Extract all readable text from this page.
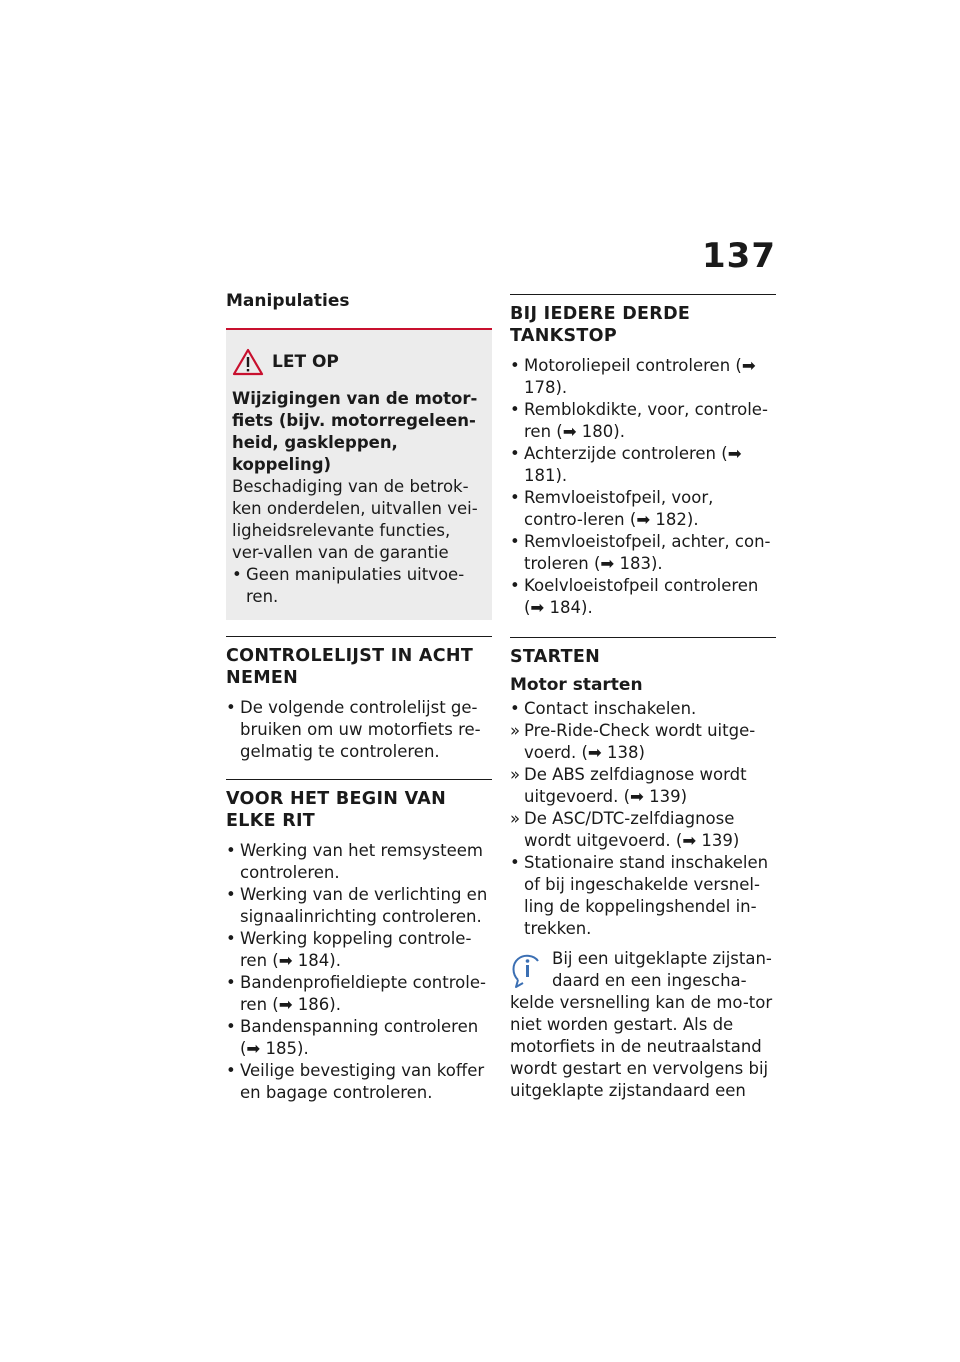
137
Manipulaties
LET OP
Wijzigingen van de motor-fiets (bijv. motorregeleen-heid, gaskleppen, koppeling)
Beschadiging van de betrok-ken onderdelen, uitvallen vei-ligheidsrelevante functies, ver-vallen van de garantie
• Geen manipulaties uitvoe-ren.
CONTROLELIJST IN ACHT NEMEN
• De volgende controlelijst ge-bruiken om uw motorfiets re-gelmatig te controleren.
VOOR HET BEGIN VAN ELKE RIT
• Werking van het remsysteem controleren.
• Werking van de verlichting en signaalinrichting controleren.
• Werking koppeling controle-ren (➡ 184).
• Bandenprofieldiepte controle-ren (➡ 186).
• Bandenspanning controleren (➡ 185).
• Veilige bevestiging van koffer en bagage controleren.
BIJ IEDERE DERDE TANKSTOP
• Motoroliepeil controleren (➡ 178).
• Remblokdikte, voor, controle-ren (➡ 180).
• Achterzijde controleren (➡ 181).
• Remvloeistofpeil, voor, contro-leren (➡ 182).
• Remvloeistofpeil, achter, con-troleren (➡ 183).
• Koelvloeistofpeil controleren (➡ 184).
STARTEN
Motor starten
• Contact inschakelen.
» Pre-Ride-Check wordt uitge-voerd. (➡ 138)
» De ABS zelfdiagnose wordt uitgevoerd. (➡ 139)
» De ASC/DTC-zelfdiagnose wordt uitgevoerd. (➡ 139)
• Stationaire stand inschakelen of bij ingeschakelde versnel-ling de koppelingshendel in-trekken.
Bij een uitgeklapte zijstan-daard en een ingescha-
kelde versnelling kan de mo-tor niet worden gestart. Als de motorfiets in de neutraalstand wordt gestart en vervolgens bij uitgeklapte zijstandaard een
